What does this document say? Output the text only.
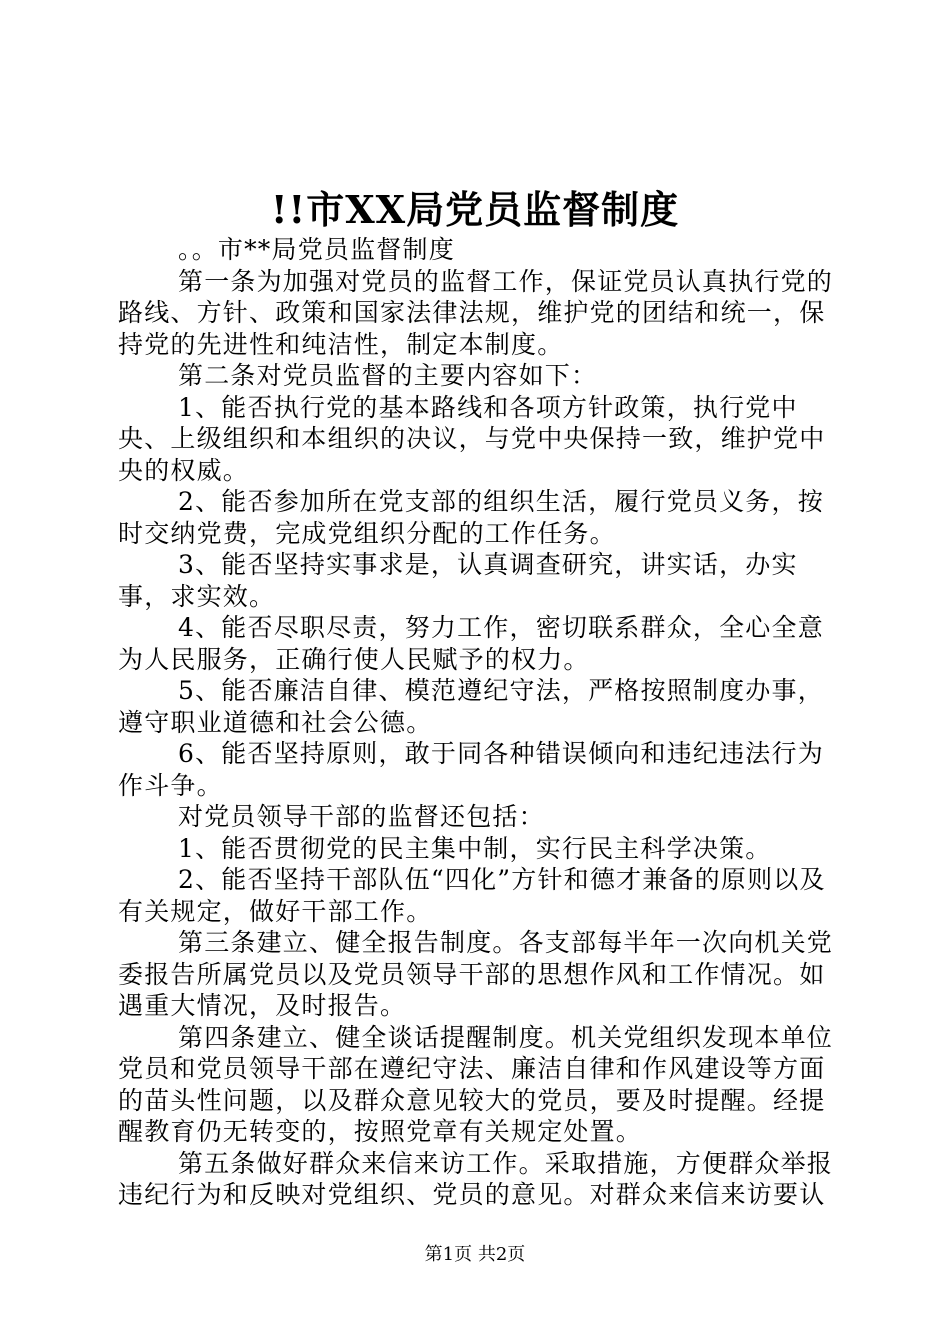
!!市XX局党员监督制度

。。市**局党员监督制度

第一条为加强对党员的监督工作，保证党员认真执行党的路线、方针、政策和国家法律法规，维护党的团结和统一，保持党的先进性和纯洁性，制定本制度。

第二条对党员监督的主要内容如下：

1、能否执行党的基本路线和各项方针政策，执行党中央、上级组织和本组织的决议，与党中央保持一致，维护党中央的权威。

2、能否参加所在党支部的组织生活，履行党员义务，按时交纳党费，完成党组织分配的工作任务。

3、能否坚持实事求是，认真调查研究，讲实话，办实事，求实效。

4、能否尽职尽责，努力工作，密切联系群众，全心全意为人民服务，正确行使人民赋予的权力。

5、能否廉洁自律、模范遵纪守法，严格按照制度办事，遵守职业道德和社会公德。

6、能否坚持原则，敢于同各种错误倾向和违纪违法行为作斗争。

对党员领导干部的监督还包括：

1、能否贯彻党的民主集中制，实行民主科学决策。

2、能否坚持干部队伍“四化”方针和德才兼备的原则以及有关规定，做好干部工作。

第三条建立、健全报告制度。各支部每半年一次向机关党委报告所属党员以及党员领导干部的思想作风和工作情况。如遇重大情况，及时报告。

第四条建立、健全谈话提醒制度。机关党组织发现本单位党员和党员领导干部在遵纪守法、廉洁自律和作风建设等方面的苗头性问题，以及群众意见较大的党员，要及时提醒。经提醒教育仍无转变的，按照党章有关规定处置。

第五条做好群众来信来访工作。采取措施，方便群众举报违纪行为和反映对党组织、党员的意见。对群众来信来访要认

第1页 共2页
